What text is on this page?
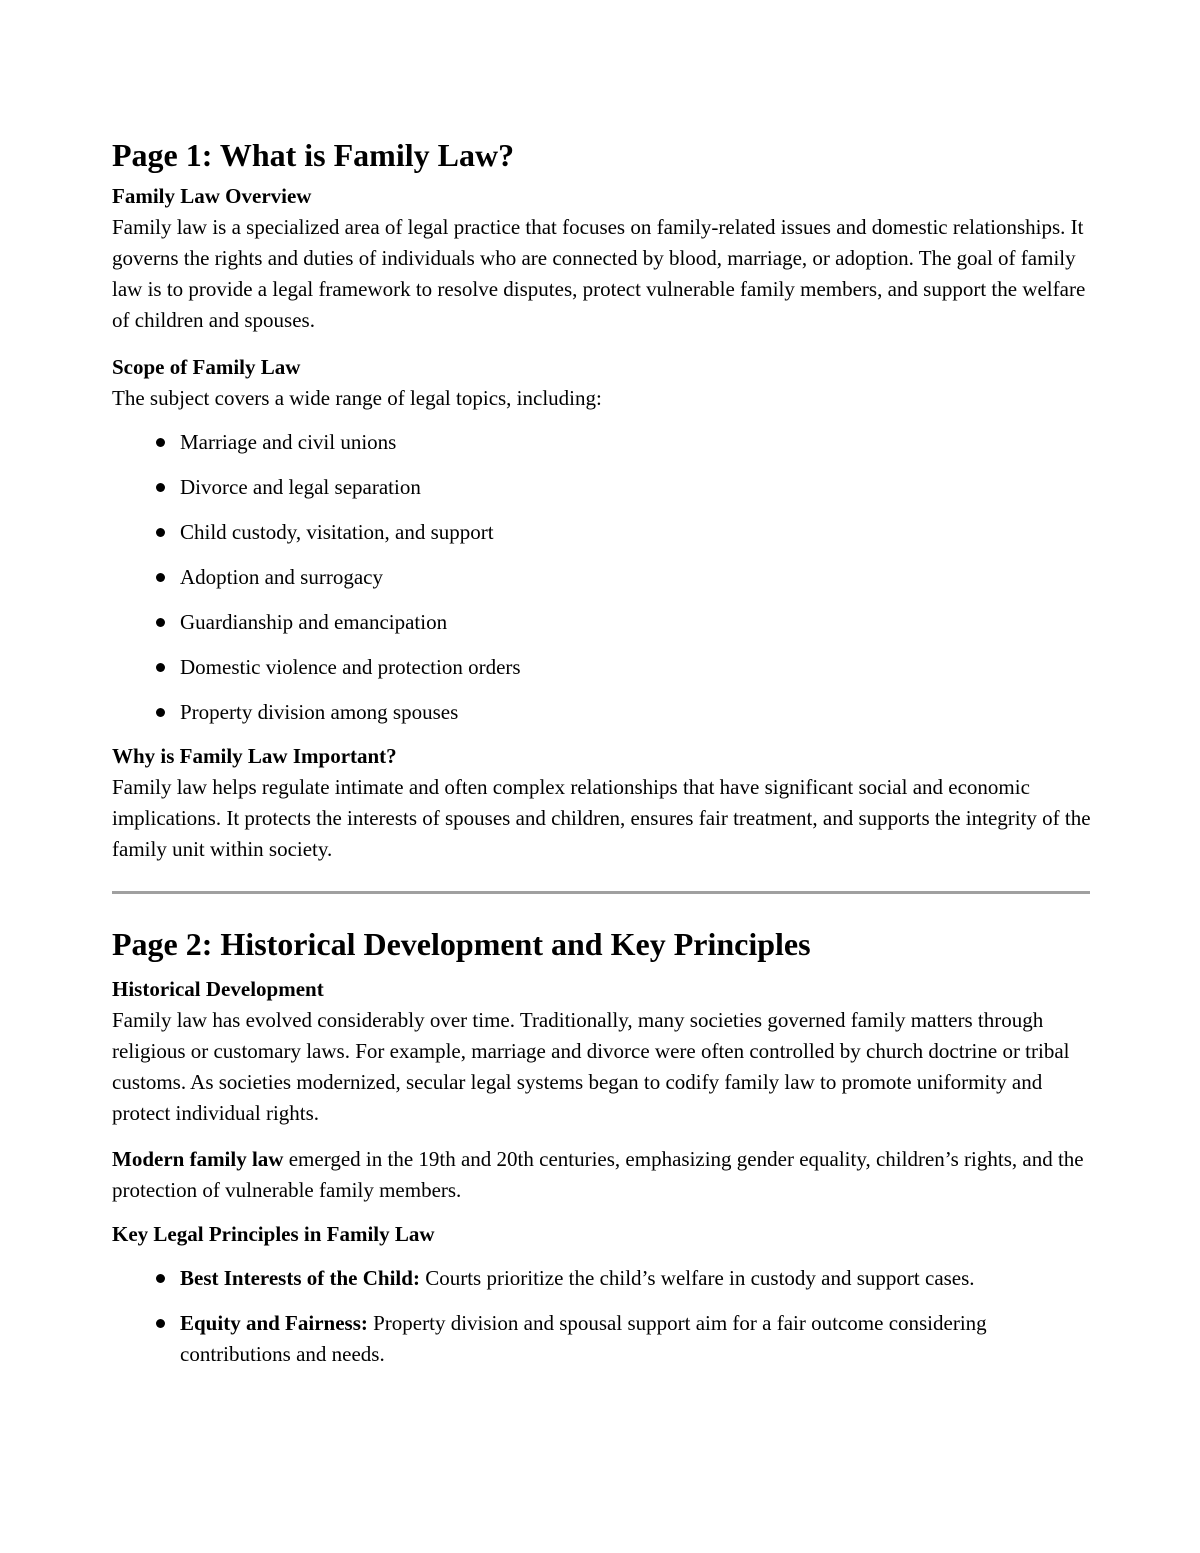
Page 1: What is Family Law?
Family Law Overview

Family law is a specialized area of legal practice that focuses on family-related issues and domestic relationships. It governs the rights and duties of individuals who are connected by blood, marriage, or adoption. The goal of family law is to provide a legal framework to resolve disputes, protect vulnerable family members, and support the welfare of children and spouses.

Scope of Family Law

The subject covers a wide range of legal topics, including:

Marriage and civil unions
Divorce and legal separation
Child custody, visitation, and support
Adoption and surrogacy
Guardianship and emancipation
Domestic violence and protection orders
Property division among spouses
Why is Family Law Important?

Family law helps regulate intimate and often complex relationships that have significant social and economic implications. It protects the interests of spouses and children, ensures fair treatment, and supports the integrity of the family unit within society.

Page 2: Historical Development and Key Principles
Historical Development

Family law has evolved considerably over time. Traditionally, many societies governed family matters through religious or customary laws. For example, marriage and divorce were often controlled by church doctrine or tribal customs. As societies modernized, secular legal systems began to codify family law to promote uniformity and protect individual rights.

Modern family law emerged in the 19th and 20th centuries, emphasizing gender equality, children’s rights, and the protection of vulnerable family members.

Key Legal Principles in Family Law
Best Interests of the Child: Courts prioritize the child’s welfare in custody and support cases.
Equity and Fairness: Property division and spousal support aim for a fair outcome considering contributions and needs.
